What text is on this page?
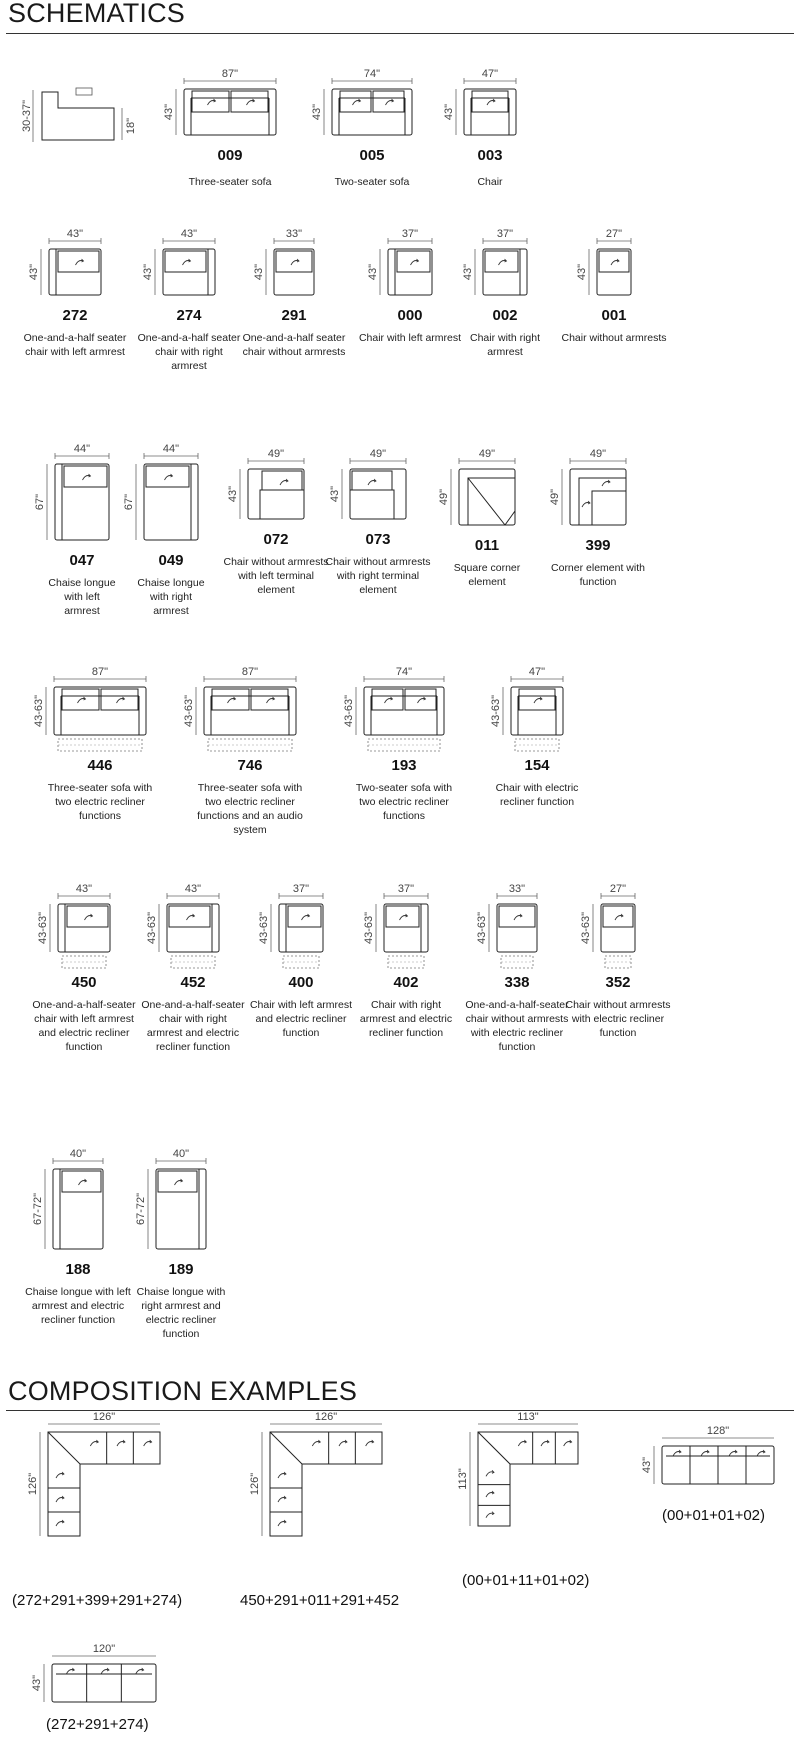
SCHEMATICS
COMPOSITION EXAMPLES
30-37"	18"
87"
43"
009
Three-seater sofa
74"
43"
005
Two-seater sofa
47"
43"
003
Chair
43"
43"
272
One-and-a-half seater chair with left armrest
43"
43"
274
One-and-a-half seater chair with right armrest
33"
43"
291
One-and-a-half seater chair without armrests
37"
43"
000
Chair with left armrest
37"
43"
002
Chair with right armrest
27"
43"
001
Chair without armrests
44"
67"
047
Chaise longue with left armrest
44"
67"
049
Chaise longue with right armrest
49"
43"
072
Chair without armrests with left terminal element
49"
43"
073
Chair without armrests with right terminal element
49"
49"
011
Square corner element
49"
49"
399
Corner element with function
87"
43-63"
446
Three-seater sofa with two electric recliner functions
87"
43-63"
746
Three-seater sofa with two electric recliner functions and an audio system
74"
43-63"
193
Two-seater sofa with two electric recliner functions
47"
43-63"
154
Chair with electric recliner function
43"
43-63"
450
One-and-a-half-seater chair with left armrest and electric recliner function
43"
43-63"
452
One-and-a-half-seater chair with right armrest and electric recliner function
37"
43-63"
400
Chair with left armrest and electric recliner function
37"
43-63"
402
Chair with right armrest and electric recliner function
33"
43-63"
338
One-and-a-half-seater chair without armrests with electric recliner function
27"
43-63"
352
Chair without armrests with electric recliner function
40"
67-72"
188
Chaise longue with left armrest and electric recliner function
40"
67-72"
189
Chaise longue with right armrest and electric recliner function
126"
126"
(272+291+399+291+274)
126"
126"
450+291+011+291+452
113"
113"
(00+01+11+01+02)
128"
43"
(00+01+01+02)
120"
43"
(272+291+274)
